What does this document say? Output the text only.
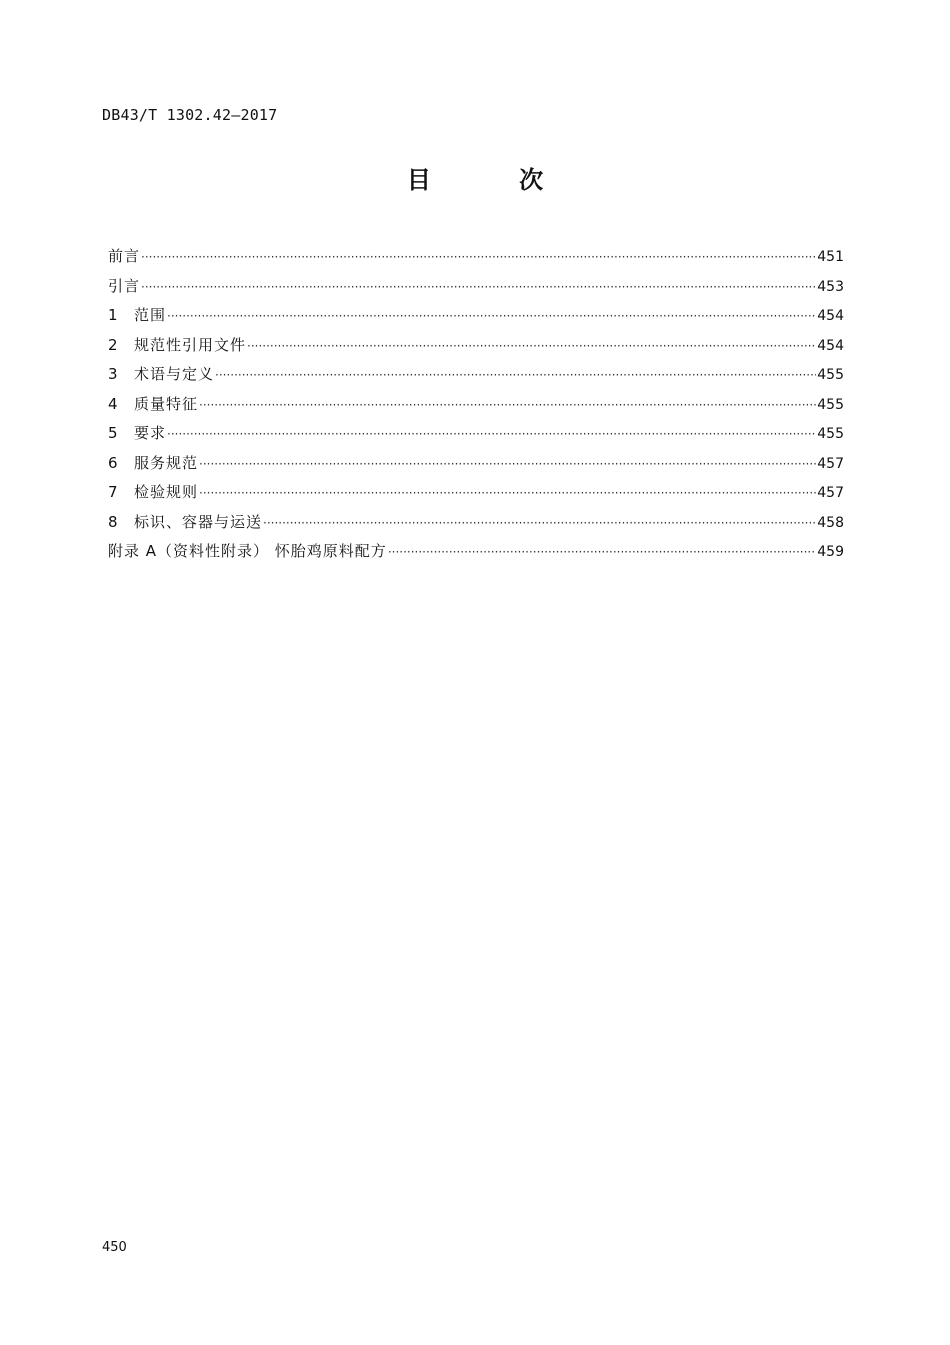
DB43/T 1302.42—2017
目 次
前言 ·····	451
引言 ·····	453
1	范围 ·····	454
2	规范性引用文件 ·····	454
3	术语与定义 ·····	455
4	质量特征 ·····	455
5	要求 ·····	455
6	服务规范 ·····	457
7	检验规则 ·····	457
8	标识、容器与运送 ·····	458
附录 A（资料性附录） 怀胎鸡原料配方 ·····	459
450
